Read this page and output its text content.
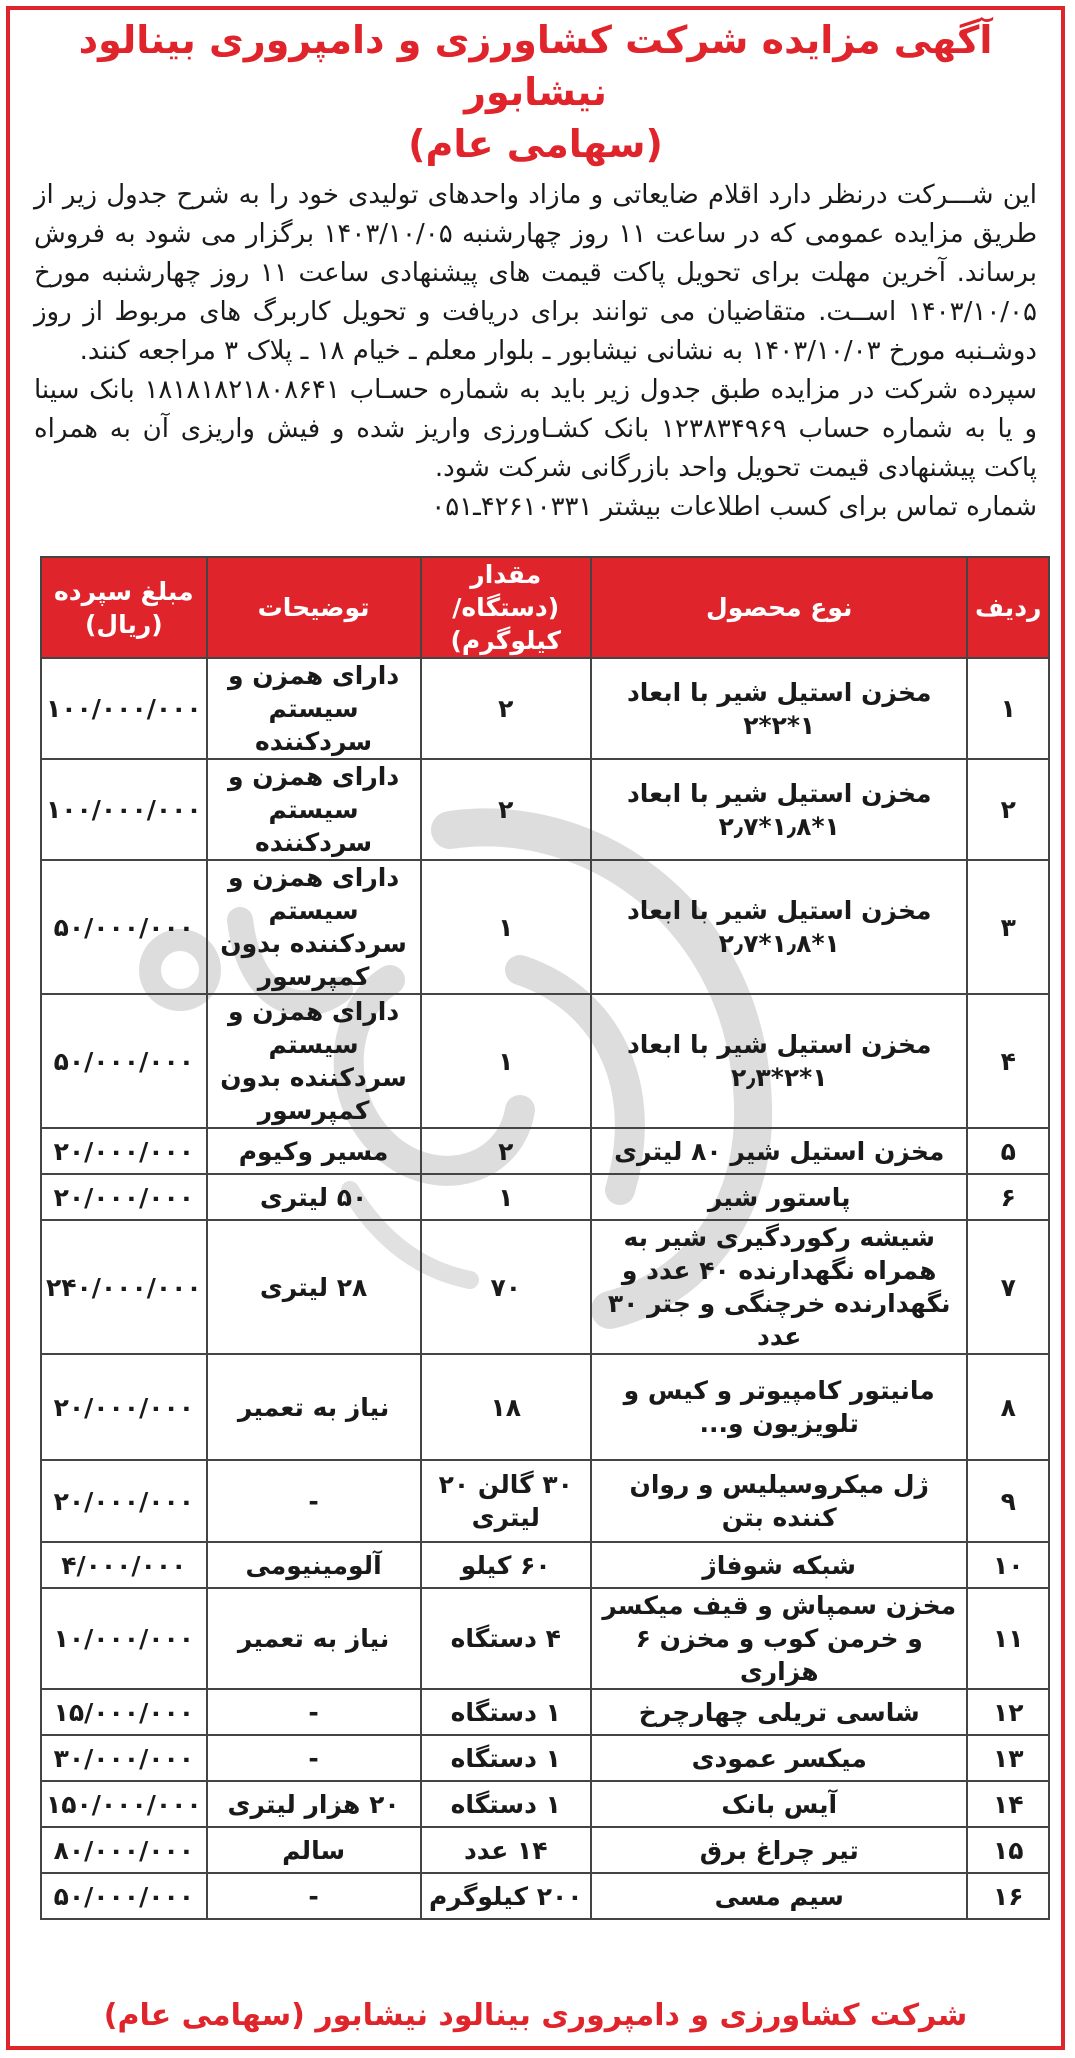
آگهی مزایده شرکت کشاورزی و دامپروری بینالود نیشابور
(سهامی عام)

این شـــرکت درنظر دارد اقلام ضایعاتی و مازاد واحدهای تولیدی خود را به شرح جدول زیر از طریق مزایده عمومی که در ساعت ۱۱ روز چهارشنبه ۱۴۰۳/۱۰/۰۵ برگزار می شود به فروش برساند. آخرین مهلت برای تحویل پاکت قیمت های پیشنهادی ساعت ۱۱ روز چهارشنبه مورخ ۱۴۰۳/۱۰/۰۵ اســت. متقاضیان می توانند برای دریافت و تحویل کاربرگ های مربوط از روز دوشـنبه مورخ ۱۴۰۳/۱۰/۰۳ به نشانی نیشابور ـ بلوار معلم ـ خیام ۱۸ ـ پلاک ۳ مراجعه کنند.

سپرده شرکت در مزایده طبق جدول زیر باید به شماره حسـاب ۱۸۱۸۱۸۲۱۸۰۸۶۴۱ بانک سینا و یا به شماره حساب ۱۲۳۸۳۴۹۶۹ بانک کشـاورزی واریز شده و فیش واریزی آن به همراه پاکت پیشنهادی قیمت تحویل واحد بازرگانی شرکت شود.

شماره تماس برای کسب اطلاعات بیشتر ۴۲۶۱۰۳۳۱ـ۰۵۱

ردیف	نوع محصول	مقدار (دستگاه/ کیلوگرم)	توضیحات	مبلغ سپرده (ریال)
۱	مخزن استیل شیر با ابعاد ۱*۲*۲	۲	دارای همزن و سیستم سردکننده	۱۰۰/۰۰۰/۰۰۰
۲	مخزن استیل شیر با ابعاد ۱*۱٫۸*۲٫۷	۲	دارای همزن و سیستم سردکننده	۱۰۰/۰۰۰/۰۰۰
۳	مخزن استیل شیر با ابعاد ۱*۱٫۸*۲٫۷	۱	دارای همزن و سیستم سردکننده بدون کمپرسور	۵۰/۰۰۰/۰۰۰
۴	مخزن استیل شیر با ابعاد ۱*۲*۲٫۳	۱	دارای همزن و سیستم سردکننده بدون کمپرسور	۵۰/۰۰۰/۰۰۰
۵	مخزن استیل شیر ۸۰ لیتری	۲	مسیر وکیوم	۲۰/۰۰۰/۰۰۰
۶	پاستور شیر	۱	۵۰ لیتری	۲۰/۰۰۰/۰۰۰
۷	شیشه رکوردگیری شیر به همراه نگهدارنده ۴۰ عدد و نگهدارنده خرچنگی و جتر ۳۰ عدد	۷۰	۲۸ لیتری	۲۴۰/۰۰۰/۰۰۰
۸	مانیتور کامپیوتر و کیس و تلویزیون و...	۱۸	نیاز به تعمیر	۲۰/۰۰۰/۰۰۰
۹	ژل میکروسیلیس و روان کننده بتن	۳۰ گالن ۲۰ لیتری	-	۲۰/۰۰۰/۰۰۰
۱۰	شبکه شوفاژ	۶۰ کیلو	آلومینیومی	۴/۰۰۰/۰۰۰
۱۱	مخزن سمپاش و قیف میکسر و خرمن کوب و مخزن ۶ هزاری	۴ دستگاه	نیاز به تعمیر	۱۰/۰۰۰/۰۰۰
۱۲	شاسی تریلی چهارچرخ	۱ دستگاه	-	۱۵/۰۰۰/۰۰۰
۱۳	میکسر عمودی	۱ دستگاه	-	۳۰/۰۰۰/۰۰۰
۱۴	آیس بانک	۱ دستگاه	۲۰ هزار لیتری	۱۵۰/۰۰۰/۰۰۰
۱۵	تیر چراغ برق	۱۴ عدد	سالم	۸۰/۰۰۰/۰۰۰
۱۶	سیم مسی	۲۰۰ کیلوگرم	-	۵۰/۰۰۰/۰۰۰
شرکت کشاورزی و دامپروری بینالود نیشابور (سهامی عام)
